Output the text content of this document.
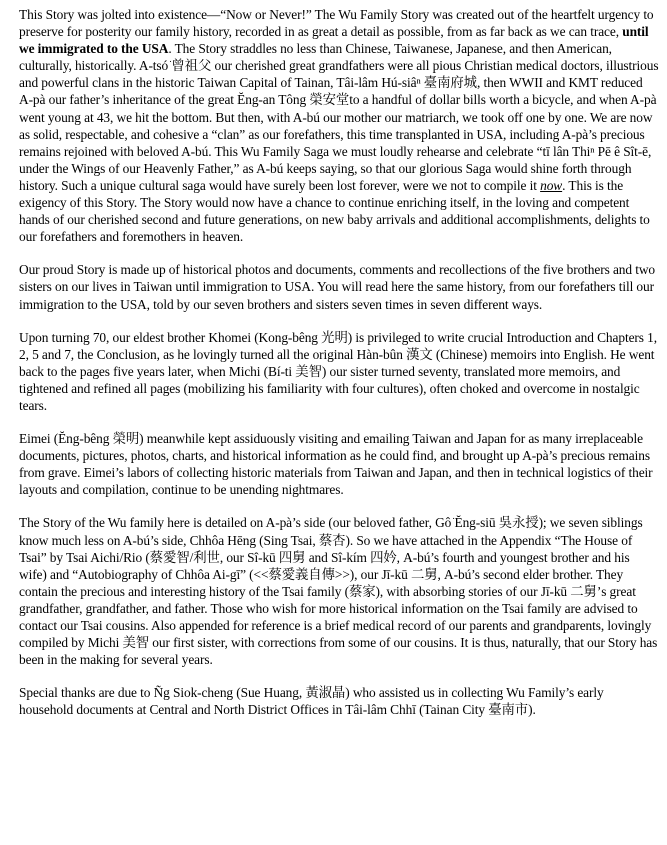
This Story was jolted into existence—“Now or Never!” The Wu Family Story was created out of the heartfelt urgency to preserve for posterity our family history, recorded in as great a detail as possible, from as far back as we can trace, until we immigrated to the USA. The Story straddles no less than Chinese, Taiwanese, Japanese, and then American, culturally, historically. A-tsó͘ 曾祖父 our cherished great grandfathers were all pious Christian medical doctors, illustrious and powerful clans in the historic Taiwan Capital of Tainan, Tâi-lâm Hú-siâⁿ 臺南府城, then WWII and KMT reduced A-pà our father’s inheritance of the great Ĕng-an Tông 榮安堂to a handful of dollar bills worth a bicycle, and when A-pà went young at 43, we hit the bottom. But then, with A-bú our mother our matriarch, we took off one by one. We are now as solid, respectable, and cohesive a “clan” as our forefathers, this time transplanted in USA, including A-pà’s precious remains rejoined with beloved A-bú. This Wu Family Saga we must loudly rehearse and celebrate “tī lân Thiⁿ Pē ê Sît-ē, under the Wings of our Heavenly Father,” as A-bú keeps saying, so that our glorious Saga would shine forth through history. Such a unique cultural saga would have surely been lost forever, were we not to compile it now. This is the exigency of this Story. The Story would now have a chance to continue enriching itself, in the loving and competent hands of our cherished second and future generations, on new baby arrivals and additional accomplishments, delights to our forefathers and foremothers in heaven.

Our proud Story is made up of historical photos and documents, comments and recollections of the five brothers and two sisters on our lives in Taiwan until immigration to USA. You will read here the same history, from our forefathers till our immigration to the USA, told by our seven brothers and sisters seven times in seven different ways.

Upon turning 70, our eldest brother Khomei (Kong-bêng 光明) is privileged to write crucial Introduction and Chapters 1, 2, 5 and 7, the Conclusion, as he lovingly turned all the original Hàn-bûn 漢文 (Chinese) memoirs into English. He went back to the pages five years later, when Michi (Bí-ti 美智) our sister turned seventy, translated more memoirs, and tightened and refined all pages (mobilizing his familiarity with four cultures), often choked and overcome in nostalgic tears.

Eimei (Ĕng-bêng 榮明) meanwhile kept assiduously visiting and emailing Taiwan and Japan for as many irreplaceable documents, pictures, photos, charts, and historical information as he could find, and brought up A-pà’s precious remains from grave. Eimei’s labors of collecting historic materials from Taiwan and Japan, and then in technical logistics of their layouts and compilation, continue to be unending nightmares.

The Story of the Wu family here is detailed on A-pà’s side (our beloved father, Gô͘ Ĕng-siū 吳永授); we seven siblings know much less on A-bú’s side, Chhôa Hēng (Sing Tsai, 蔡杏). So we have attached in the Appendix “The House of Tsai” by Tsai Aichi/Rio (蔡愛智/利世, our Sî-kū 四舅 and Sî-kím 四妗, A-bú’s fourth and youngest brother and his wife) and “Autobiography of Chhôa Ai-gī” (<<蔡愛義自傳>>), our Jī-kū 二舅, A-bú’s second elder brother. They contain the precious and interesting history of the Tsai family (蔡家), with absorbing stories of our Jī-kū 二舅’s great grandfather, grandfather, and father. Those who wish for more historical information on the Tsai family are advised to contact our Tsai cousins. Also appended for reference is a brief medical record of our parents and grandparents, lovingly compiled by Michi 美智 our first sister, with corrections from some of our cousins. It is thus, naturally, that our Story has been in the making for several years.

Special thanks are due to Ñg Siok-cheng (Sue Huang, 黃淑晶) who assisted us in collecting Wu Family’s early household documents at Central and North District Offices in Tâi-lâm Chhī (Tainan City 臺南市).
